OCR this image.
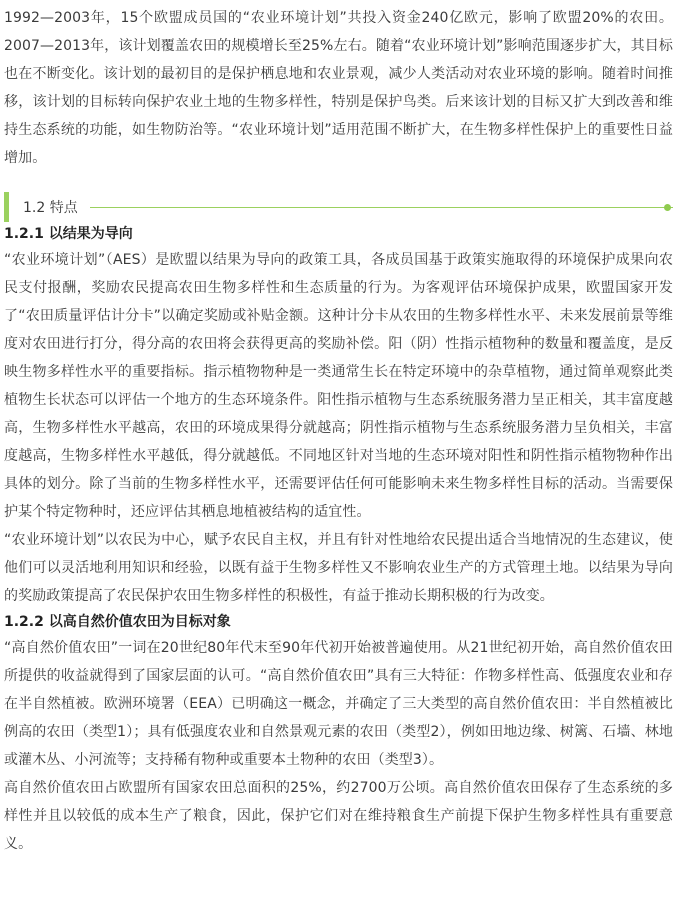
1992—2003年，15个欧盟成员国的“农业环境计划”共投入资金240亿欧元，影响了欧盟20%的农田。2007—2013年，该计划覆盖农田的规模增长至25%左右。随着“农业环境计划”影响范围逐步扩大，其目标也在不断变化。该计划的最初目的是保护栖息地和农业景观，减少人类活动对农业环境的影响。随着时间推移，该计划的目标转向保护农业土地的生物多样性，特别是保护鸟类。后来该计划的目标又扩大到改善和维持生态系统的功能，如生物防治等。“农业环境计划”适用范围不断扩大，在生物多样性保护上的重要性日益增加。

1.2 特点
1.2.1 以结果为导向

“农业环境计划”（AES）是欧盟以结果为导向的政策工具，各成员国基于政策实施取得的环境保护成果向农民支付报酬，奖励农民提高农田生物多样性和生态质量的行为。为客观评估环境保护成果，欧盟国家开发了“农田质量评估计分卡”以确定奖励或补贴金额。这种计分卡从农田的生物多样性水平、未来发展前景等维度对农田进行打分，得分高的农田将会获得更高的奖励补偿。阳（阴）性指示植物种的数量和覆盖度，是反映生物多样性水平的重要指标。指示植物物种是一类通常生长在特定环境中的杂草植物，通过简单观察此类植物生长状态可以评估一个地方的生态环境条件。阳性指示植物与生态系统服务潜力呈正相关，其丰富度越高，生物多样性水平越高，农田的环境成果得分就越高；阴性指示植物与生态系统服务潜力呈负相关，丰富度越高，生物多样性水平越低，得分就越低。不同地区针对当地的生态环境对阳性和阴性指示植物物种作出具体的划分。除了当前的生物多样性水平，还需要评估任何可能影响未来生物多样性目标的活动。当需要保护某个特定物种时，还应评估其栖息地植被结构的适宜性。

“农业环境计划”以农民为中心，赋予农民自主权，并且有针对性地给农民提出适合当地情况的生态建议，使他们可以灵活地利用知识和经验，以既有益于生物多样性又不影响农业生产的方式管理土地。以结果为导向的奖励政策提高了农民保护农田生物多样性的积极性，有益于推动长期积极的行为改变。

1.2.2 以高自然价值农田为目标对象

“高自然价值农田”一词在20世纪80年代末至90年代初开始被普遍使用。从21世纪初开始，高自然价值农田所提供的收益就得到了国家层面的认可。“高自然价值农田”具有三大特征：作物多样性高、低强度农业和存在半自然植被。欧洲环境署（EEA）已明确这一概念，并确定了三大类型的高自然价值农田：半自然植被比例高的农田（类型1）；具有低强度农业和自然景观元素的农田（类型2），例如田地边缘、树篱、石墙、林地或灌木丛、小河流等；支持稀有物种或重要本土物种的农田（类型3）。

高自然价值农田占欧盟所有国家农田总面积的25%，约2700万公顷。高自然价值农田保存了生态系统的多样性并且以较低的成本生产了粮食，因此，保护它们对在维持粮食生产前提下保护生物多样性具有重要意义。
